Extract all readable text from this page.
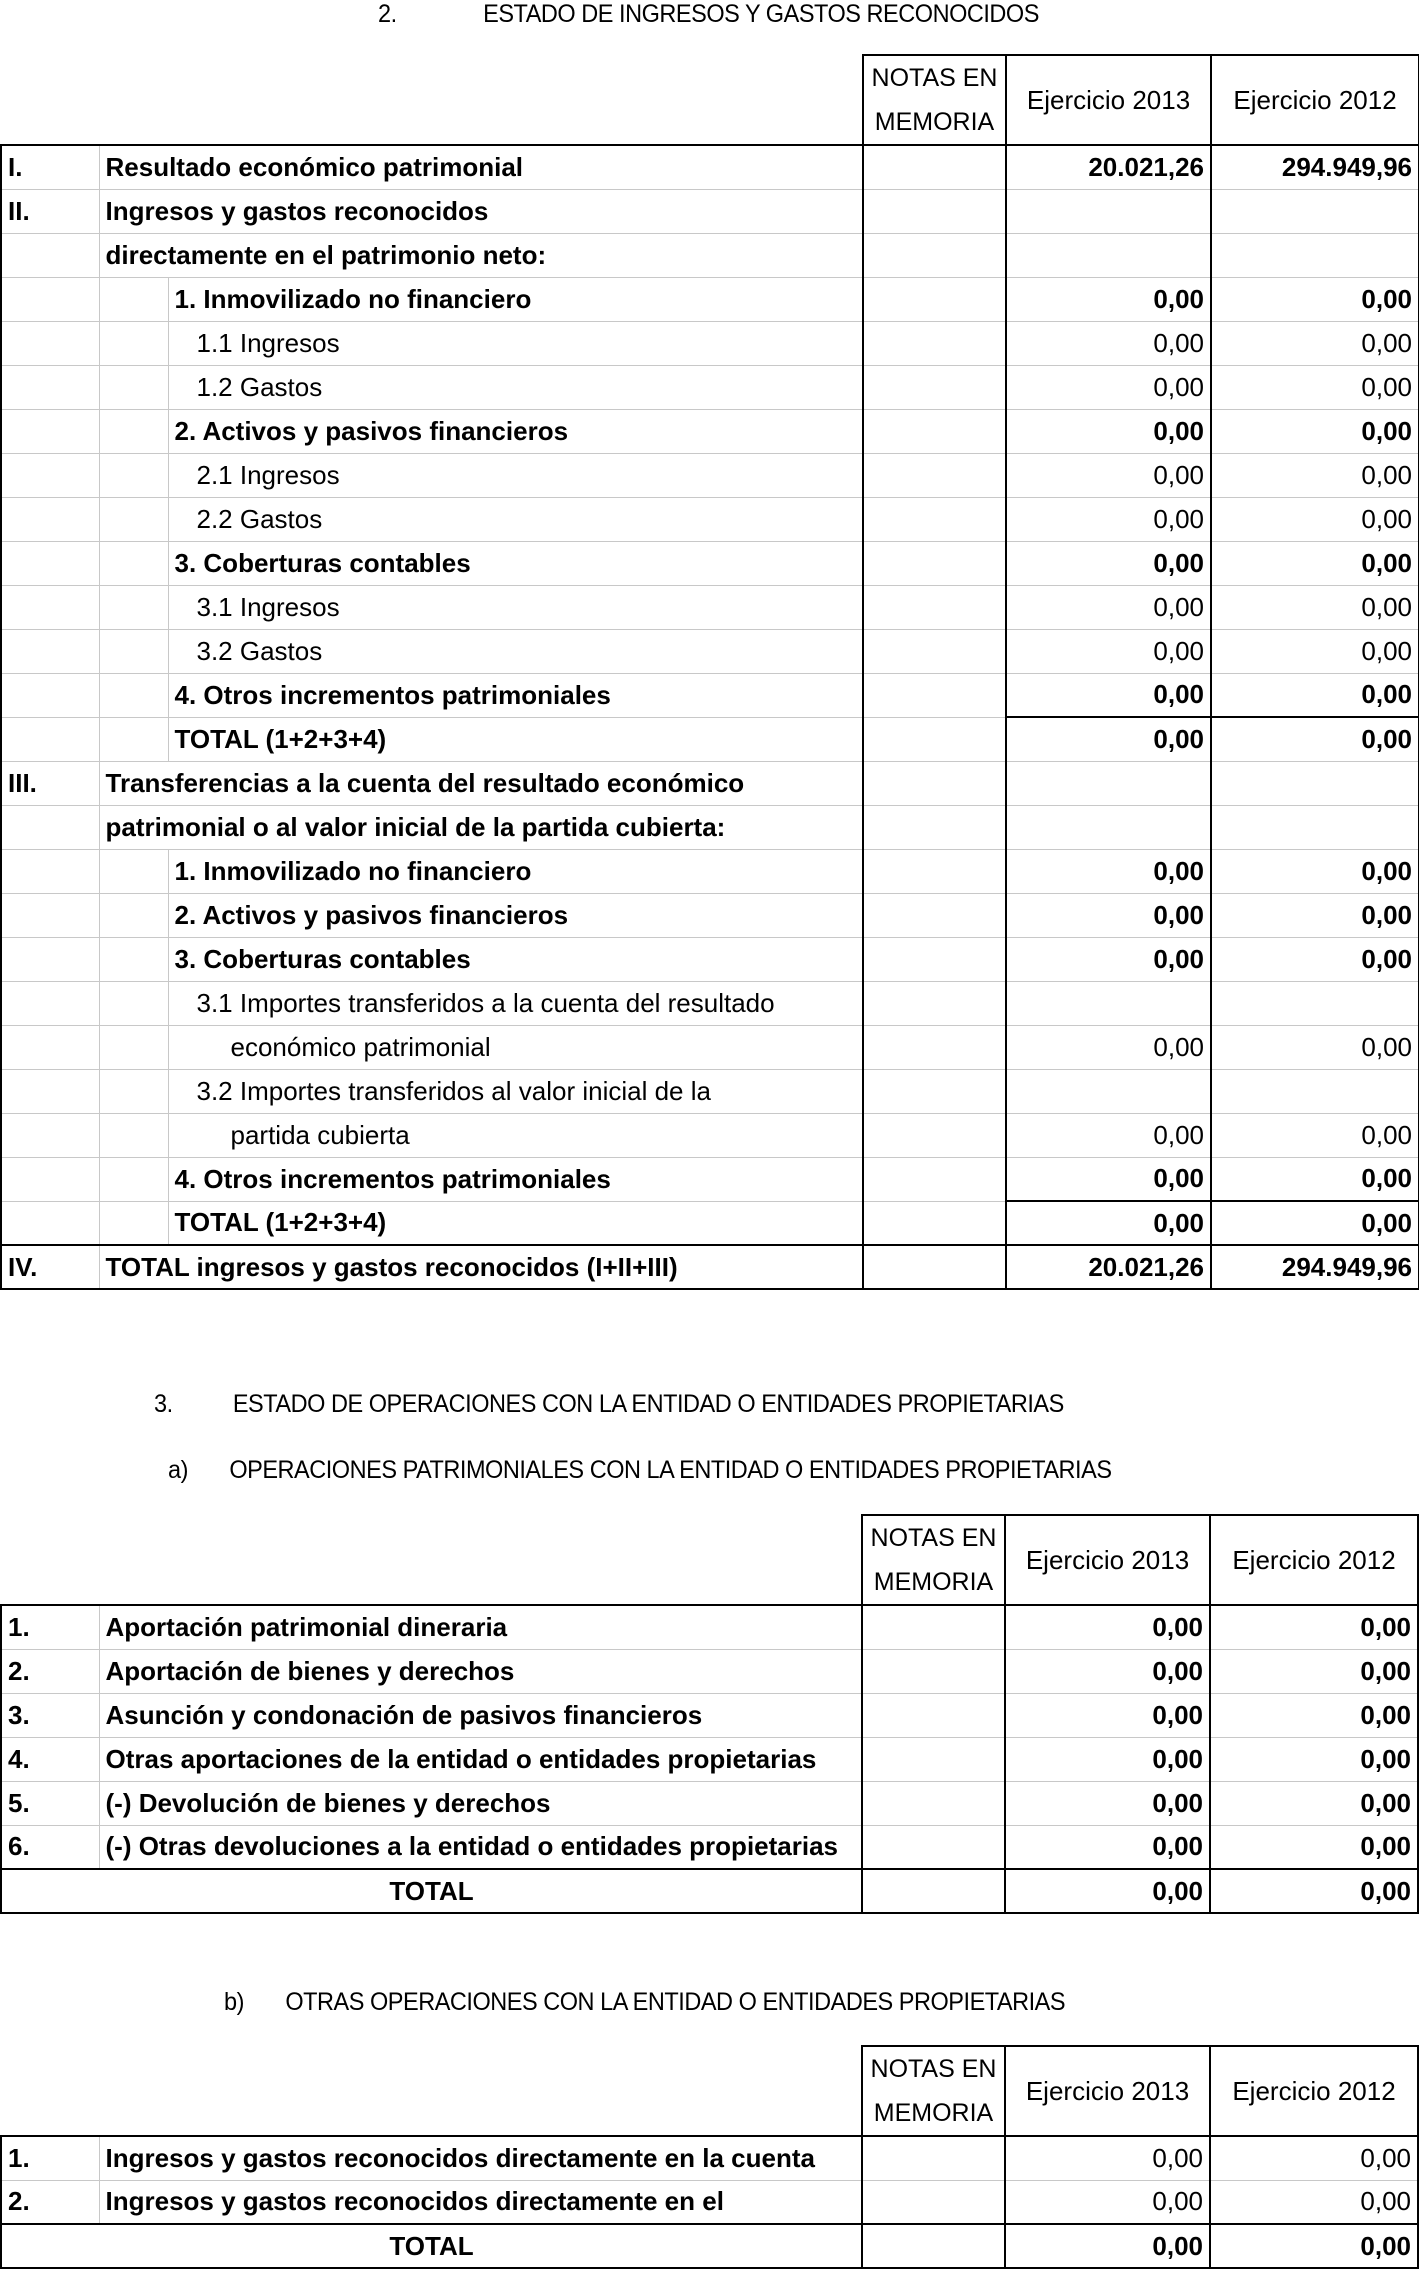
2.	ESTADO DE INGRESOS Y GASTOS RECONOCIDOS
			NOTAS EN
MEMORIA	Ejercicio 2013	Ejercicio 2012
I.	Resultado económico patrimonial			20.021,26	294.949,96
II.	Ingresos y gastos reconocidos				
	directamente en el patrimonio neto:				
		1. Inmovilizado no financiero		0,00	0,00
		1.1 Ingresos		0,00	0,00
		1.2 Gastos		0,00	0,00
		2. Activos y pasivos financieros		0,00	0,00
		2.1 Ingresos		0,00	0,00
		2.2 Gastos		0,00	0,00
		3. Coberturas contables		0,00	0,00
		3.1 Ingresos		0,00	0,00
		3.2 Gastos		0,00	0,00
		4. Otros incrementos patrimoniales		0,00	0,00
		TOTAL (1+2+3+4)		0,00	0,00
III.	Transferencias a la cuenta del resultado económico				
	patrimonial o al valor inicial de la partida cubierta:				
		1. Inmovilizado no financiero		0,00	0,00
		2. Activos y pasivos financieros		0,00	0,00
		3. Coberturas contables		0,00	0,00
		3.1 Importes transferidos a la cuenta del resultado			
		económico patrimonial		0,00	0,00
		3.2 Importes transferidos al valor inicial de la			
		partida cubierta		0,00	0,00
		4. Otros incrementos patrimoniales		0,00	0,00
		TOTAL (1+2+3+4)		0,00	0,00
IV.	TOTAL ingresos y gastos reconocidos (I+II+III)			20.021,26	294.949,96
3. ESTADO DE OPERACIONES CON LA ENTIDAD O ENTIDADES PROPIETARIAS
a) OPERACIONES PATRIMONIALES CON LA ENTIDAD O ENTIDADES PROPIETARIAS
		NOTAS EN
MEMORIA	Ejercicio 2013	Ejercicio 2012
1.	Aportación patrimonial dineraria		0,00	0,00
2.	Aportación de bienes y derechos		0,00	0,00
3.	Asunción y condonación de pasivos financieros		0,00	0,00
4.	Otras aportaciones de la entidad o entidades propietarias		0,00	0,00
5.	(-) Devolución de bienes y derechos		0,00	0,00
6.	(-) Otras devoluciones a la entidad o entidades propietarias		0,00	0,00
TOTAL			0,00	0,00
b) OTRAS OPERACIONES CON LA ENTIDAD O ENTIDADES PROPIETARIAS
		NOTAS EN
MEMORIA	Ejercicio 2013	Ejercicio 2012
1.	Ingresos y gastos reconocidos directamente en la cuenta		0,00	0,00
2.	Ingresos y gastos reconocidos directamente en el		0,00	0,00
TOTAL			0,00	0,00
